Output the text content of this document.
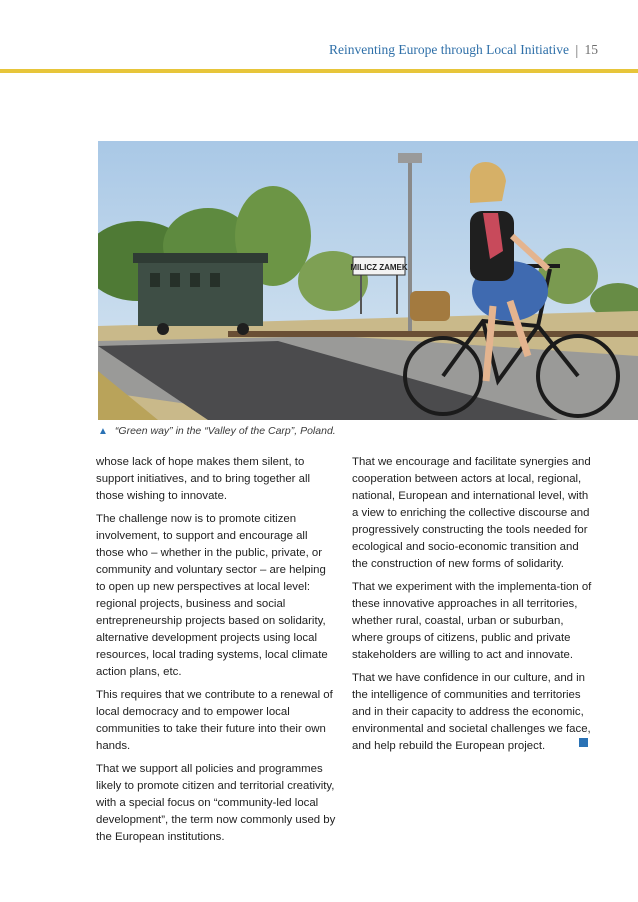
Reinventing Europe through Local Initiative | 15
MILICZ ZAMEK
▲ “Green way” in the “Valley of the Carp”, Poland.

whose lack of hope makes them silent, to support initiatives, and to bring together all those wishing to innovate.

The challenge now is to promote citizen involvement, to support and encourage all those who – whether in the public, private, or community and voluntary sector – are helping to open up new perspectives at local level: regional projects, business and social entrepreneurship projects based on solidarity, alternative development projects using local resources, local trading systems, local climate action plans, etc.

This requires that we contribute to a renewal of local democracy and to empower local communities to take their future into their own hands.

That we support all policies and programmes likely to promote citizen and territorial creativity, with a special focus on “community-led local development”, the term now commonly used by the European institutions.

That we encourage and facilitate synergies and cooperation between actors at local, regional, national, European and international level, with a view to enriching the collective discourse and progressively constructing the tools needed for ecological and socio-economic transition and the construction of new forms of solidarity.

That we experiment with the implementa-tion of these innovative approaches in all territories, whether rural, coastal, urban or suburban, where groups of citizens, public and private stakeholders are willing to act and innovate.

That we have confidence in our culture, and in the intelligence of communities and territories and in their capacity to address the economic, environmental and societal challenges we face, and help rebuild the European project.
